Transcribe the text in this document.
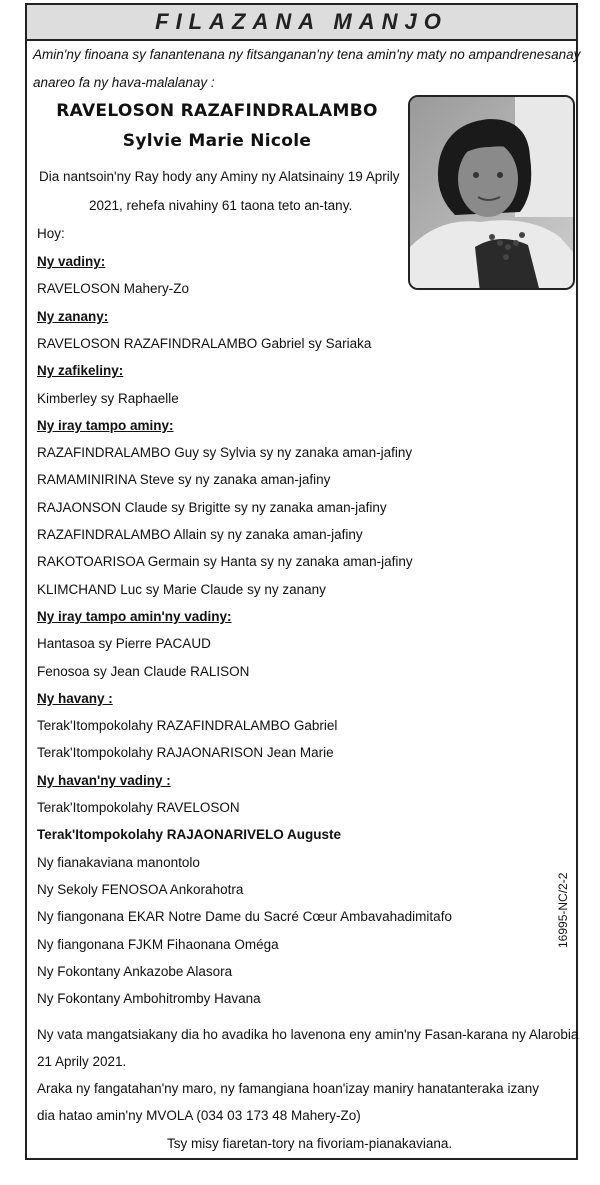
FILAZANA MANJO
Amin'ny finoana sy fanantenana ny fitsanganan'ny tena amin'ny maty no ampandrenesanay
anareo fa ny hava-malalanay :
RAVELOSON RAZAFINDRALAMBO
Sylvie Marie Nicole
Dia nantsoin'ny Ray hody any Aminy ny Alatsinainy 19 Aprily
2021, rehefa nivahiny 61 taona teto an-tany.
Hoy:
Ny vadiny:
RAVELOSON Mahery-Zo
Ny zanany:
RAVELOSON RAZAFINDRALAMBO Gabriel sy Sariaka
Ny zafikeliny:
Kimberley sy Raphaelle
Ny iray tampo aminy:
RAZAFINDRALAMBO Guy sy Sylvia sy ny zanaka aman-jafiny
RAMAMINIRINA Steve sy ny zanaka aman-jafiny
RAJAONSON Claude sy Brigitte sy ny zanaka aman-jafiny
RAZAFINDRALAMBO Allain sy ny zanaka aman-jafiny
RAKOTOARISOA Germain sy Hanta sy ny zanaka aman-jafiny
KLIMCHAND Luc sy Marie Claude sy ny zanany
Ny iray tampo amin'ny vadiny:
Hantasoa sy Pierre PACAUD
Fenosoa sy Jean Claude RALISON
Ny havany :
Terak'Itompokolahy RAZAFINDRALAMBO Gabriel
Terak'Itompokolahy RAJAONARISON Jean Marie
Ny havan'ny vadiny :
Terak'Itompokolahy RAVELOSON
Terak'Itompokolahy RAJAONARIVELO Auguste
Ny fianakaviana manontolo
Ny Sekoly FENOSOA Ankorahotra
Ny fiangonana EKAR Notre Dame du Sacré Cœur Ambavahadimitafo
Ny fiangonana FJKM Fihaonana Oméga
Ny Fokontany Ankazobe Alasora
Ny Fokontany Ambohitromby Havana
Ny vata mangatsiakany dia ho avadika ho lavenona eny amin'ny Fasan-karana ny Alarobia
21 Aprily 2021.
Araka ny fangatahan'ny maro, ny famangiana hoan'izay maniry hanatanteraka izany
dia hatao amin'ny MVOLA (034 03 173 48 Mahery-Zo)
Tsy misy fiaretan-tory na fivoriam-pianakaviana.
16995-NC/2-2
